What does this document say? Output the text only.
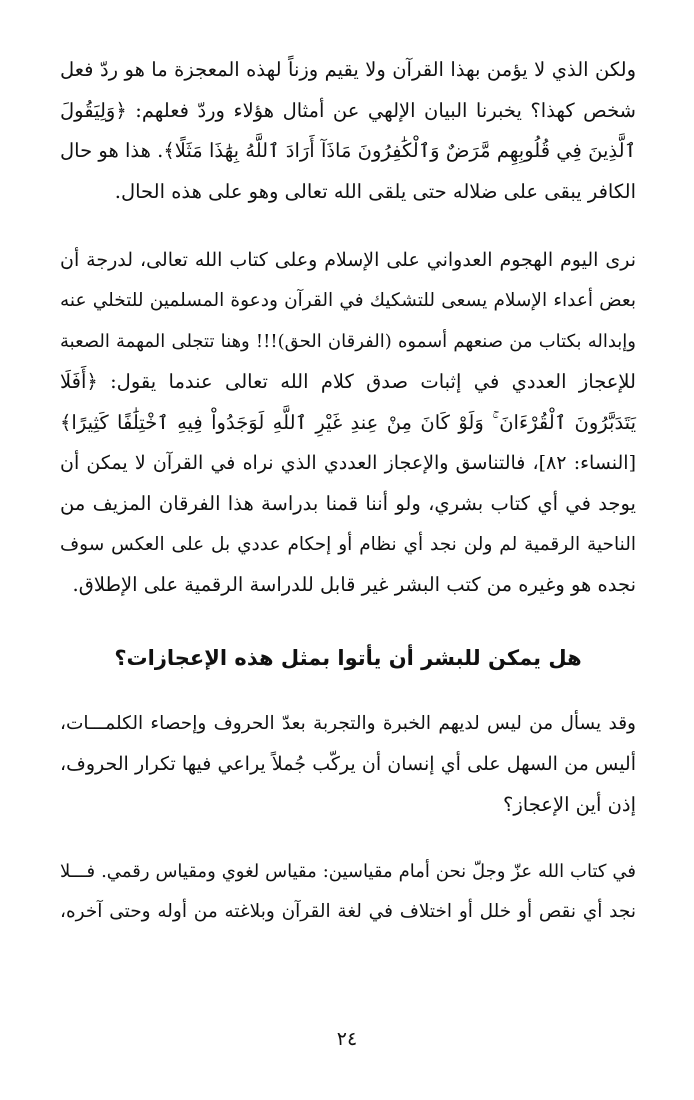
ولكن الذي لا يؤمن بهذا القرآن ولا يقيم وزناً لهذه المعجزة ما هو ردّ فعل
شخص كهذا؟ يخبرنا البيان الإلهي عن أمثال هؤلاء وردّ فعلهم: ﴿وَلِيَقُولَ
ٱلَّذِينَ فِي قُلُوبِهِم مَّرَضٌ وَٱلْكَٰفِرُونَ مَاذَآ أَرَادَ ٱللَّهُ بِهَٰذَا مَثَلًا﴾. هذا هو حال
الكافر يبقى على ضلاله حتى يلقى الله تعالى وهو على هذه الحال.

نرى اليوم الهجوم العدواني على الإسلام وعلى كتاب الله تعالى، لدرجة أن
بعض أعداء الإسلام يسعى للتشكيك في القرآن ودعوة المسلمين للتخلي عنه
وإبداله بكتاب من صنعهم أسموه (الفرقان الحق)!!! وهنا تتجلى المهمة الصعبة
للإعجاز العددي في إثبات صدق كلام الله تعالى عندما يقول: ﴿أَفَلَا
يَتَدَبَّرُونَ ٱلْقُرْءَانَ ۚ وَلَوْ كَانَ مِنْ عِندِ غَيْرِ ٱللَّهِ لَوَجَدُواْ فِيهِ ٱخْتِلَٰفًا كَثِيرًا﴾
[النساء: ٨٢]، فالتناسق والإعجاز العددي الذي نراه في القرآن لا يمكن أن
يوجد في أي كتاب بشري، ولو أننا قمنا بدراسة هذا الفرقان المزيف من
الناحية الرقمية لم ولن نجد أي نظام أو إحكام عددي بل على العكس سوف
نجده هو وغيره من كتب البشر غير قابل للدراسة الرقمية على الإطلاق.

هل يمكن للبشر أن يأتوا بمثل هذه الإعجازات؟

وقد يسأل من ليس لديهم الخبرة والتجربة بعدّ الحروف وإحصاء الكلمـــات،
أليس من السهل على أي إنسان أن يركّب جُملاً يراعي فيها تكرار الحروف،
إذن أين الإعجاز؟

في كتاب الله عزّ وجلّ نحن أمام مقياسين: مقياس لغوي ومقياس رقمي. فـــلا
نجد أي نقص أو خلل أو اختلاف في لغة القرآن وبلاغته من أوله وحتى آخره،

٢٤
